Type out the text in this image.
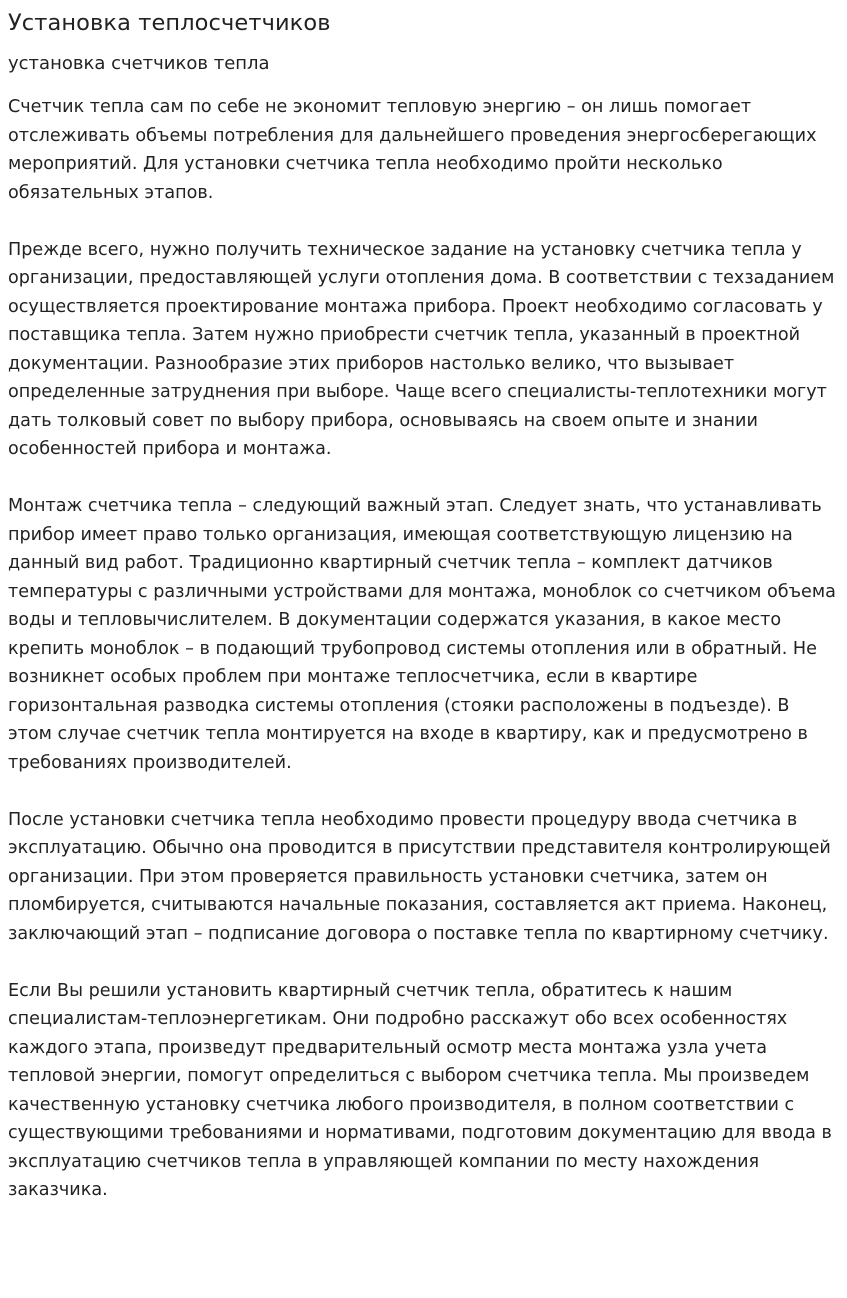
Установка теплосчетчиков
установка счетчиков тепла

Счетчик тепла сам по себе не экономит тепловую энергию – он лишь помогает отслеживать объемы потребления для дальнейшего проведения энергосберегающих мероприятий. Для установки счетчика тепла необходимо пройти несколько обязательных этапов.

Прежде всего, нужно получить техническое задание на установку счетчика тепла у организации, предоставляющей услуги отопления дома. В соответствии с техзаданием осуществляется проектирование монтажа прибора. Проект необходимо согласовать у поставщика тепла. Затем нужно приобрести счетчик тепла, указанный в проектной документации. Разнообразие этих приборов настолько велико, что вызывает определенные затруднения при выборе. Чаще всего специалисты-теплотехники могут дать толковый совет по выбору прибора, основываясь на своем опыте и знании особенностей прибора и монтажа.

Монтаж счетчика тепла – следующий важный этап. Следует знать, что устанавливать прибор имеет право только организация, имеющая соответствующую лицензию на данный вид работ. Традиционно квартирный счетчик тепла – комплект датчиков температуры с различными устройствами для монтажа, моноблок со счетчиком объема воды и тепловычислителем. В документации содержатся указания, в какое место крепить моноблок – в подающий трубопровод системы отопления или в обратный. Не возникнет особых проблем при монтаже теплосчетчика, если в квартире горизонтальная разводка системы отопления (стояки расположены в подъезде). В этом случае счетчик тепла монтируется на входе в квартиру, как и предусмотрено в требованиях производителей.

После установки счетчика тепла необходимо провести процедуру ввода счетчика в эксплуатацию. Обычно она проводится в присутствии представителя контролирующей организации. При этом проверяется правильность установки счетчика, затем он пломбируется, считываются начальные показания, составляется акт приема. Наконец, заключающий этап – подписание договора о поставке тепла по квартирному счетчику.

Если Вы решили установить квартирный счетчик тепла, обратитесь к нашим специалистам-теплоэнергетикам. Они подробно расскажут обо всех особенностях каждого этапа, произведут предварительный осмотр места монтажа узла учета тепловой энергии, помогут определиться с выбором счетчика тепла. Мы произведем качественную установку счетчика любого производителя, в полном соответствии с существующими требованиями и нормативами, подготовим документацию для ввода в эксплуатацию счетчиков тепла в управляющей компании по месту нахождения заказчика.
